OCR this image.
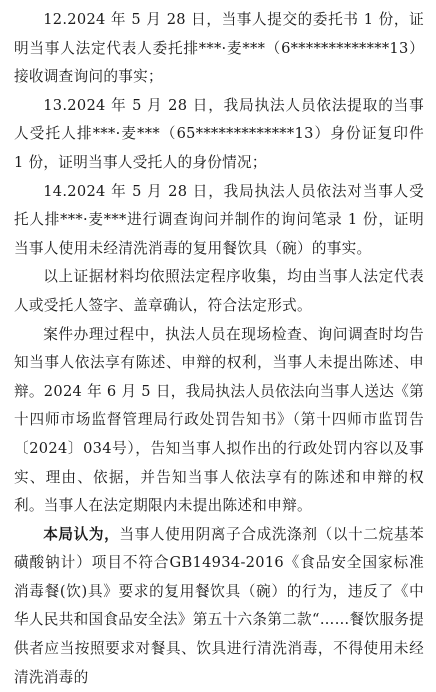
12.2024 年 5 月 28 日，当事人提交的委托书 1 份，证明当事人法定代表人委托排***·麦***（6*************13）接收调查询问的事实；

13.2024 年 5 月 28 日，我局执法人员依法提取的当事人受托人排***·麦***（65*************13）身份证复印件 1 份，证明当事人受托人的身份情况；

14.2024 年 5 月 28 日，我局执法人员依法对当事人受托人排***·麦***进行调查询问并制作的询问笔录 1 份，证明当事人使用未经清洗消毒的复用餐饮具（碗）的事实。

以上证据材料均依照法定程序收集，均由当事人法定代表人或受托人签字、盖章确认，符合法定形式。

案件办理过程中，执法人员在现场检查、询问调查时均告知当事人依法享有陈述、申辩的权利，当事人未提出陈述、申辩。2024 年 6 月 5 日，我局执法人员依法向当事人送达《第十四师市场监督管理局行政处罚告知书》（第十四师市监罚告〔2024〕034号），告知当事人拟作出的行政处罚内容以及事实、理由、依据，并告知当事人依法享有的陈述和申辩的权利。当事人在法定期限内未提出陈述和申辩。

本局认为，当事人使用阴离子合成洗涤剂（以十二烷基苯磺酸钠计）项目不符合GB14934-2016《食品安全国家标准 消毒餐(饮)具》要求的复用餐饮具（碗）的行为，违反了《中华人民共和国食品安全法》第五十六条第二款“……餐饮服务提供者应当按照要求对餐具、饮具进行清洗消毒，不得使用未经清洗消毒的
